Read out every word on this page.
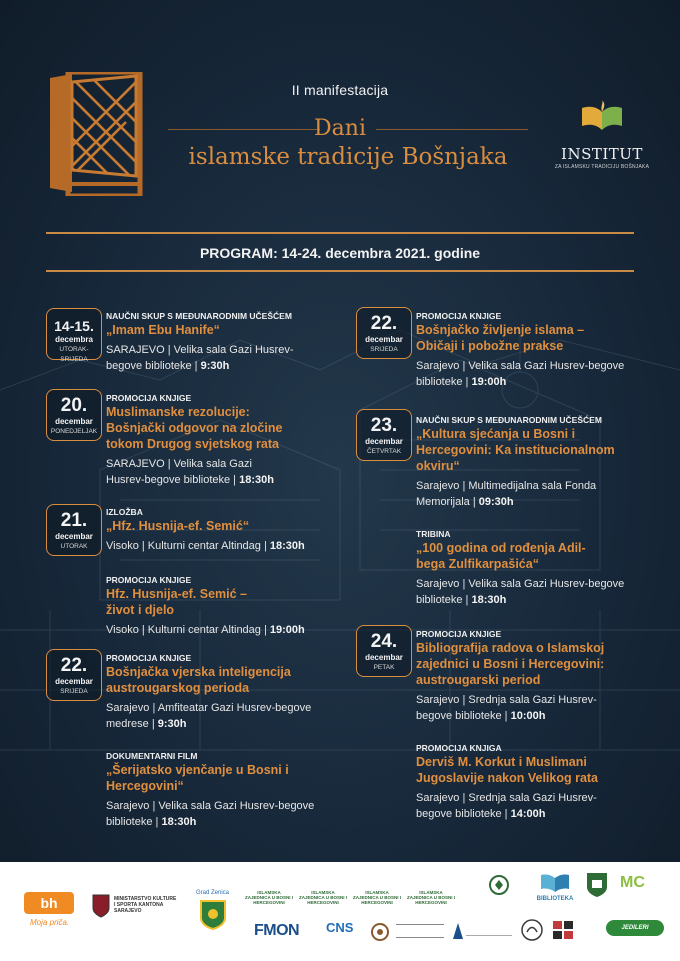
II manifestacija
Dani
islamske tradicije Bošnjaka	INSTITUT
ZA ISLAMSKU TRADICIJU BOŠNJAKA
PROGRAM: 14-24. decembra 2021. godine
14-15.
decembra
UTORAK-SRIJEDA
NAUČNI SKUP S MEĐUNARODNIM UČEŠĆEM
„Imam Ebu Hanife“
SARAJEVO | Velika sala Gazi Husrev-
begove biblioteke | 9:30h
20.
decembar
PONEDJELJAK
PROMOCIJA KNJIGE
Muslimanske rezolucije:
Bošnjački odgovor na zločine
tokom Drugog svjetskog rata
SARAJEVO | Velika sala Gazi
Husrev-begove biblioteke | 18:30h
21.
decembar
UTORAK
IZLOŽBA
„Hfz. Husnija-ef. Semić“
Visoko | Kulturni centar Altindag | 18:30h
PROMOCIJA KNJIGE
Hfz. Husnija-ef. Semić –
život i djelo
Visoko | Kulturni centar Altindag | 19:00h
22.
decembar
SRIJEDA
PROMOCIJA KNJIGE
Bošnjačka vjerska inteligencija
austrougarskog perioda
Sarajevo | Amfiteatar Gazi Husrev-begove
medrese | 9:30h
DOKUMENTARNI FILM
„Šerijatsko vjenčanje u Bosni i
Hercegovini“
Sarajevo | Velika sala Gazi Husrev-begove
biblioteke | 18:30h
22.
decembar
SRIJEDA
PROMOCIJA KNJIGE
Bošnjačko življenje islama –
Običaji i pobožne prakse
Sarajevo | Velika sala Gazi Husrev-begove
biblioteke | 19:00h
23.
decembar
ČETVRTAK
NAUČNI SKUP S MEĐUNARODNIM UČEŠĆEM
„Kultura sjećanja u Bosni i
Hercegovini: Ka institucionalnom
okviru“
Sarajevo | Multimedijalna sala Fonda
Memorijala | 09:30h
TRIBINA
„100 godina od rođenja Adil-
bega Zulfikarpašića“
Sarajevo | Velika sala Gazi Husrev-begove
biblioteke | 18:30h
24.
decembar
PETAK
PROMOCIJA KNJIGE
Bibliografija radova o Islamskoj
zajednici u Bosni i Hercegovini:
austrougarski period
Sarajevo | Srednja sala Gazi Husrev-
begove biblioteke | 10:00h
PROMOCIJA KNJIGA
Derviš M. Korkut i Muslimani
Jugoslavije nakon Velikog rata
Sarajevo | Srednja sala Gazi Husrev-
begove biblioteke | 14:00h
bh
Moja priča.
MINISTARSTVO KULTURE I SPORTA KANTONA SARAJEVO
Grad Zenica	ISLAMSKA ZAJEDNICA U BOSNI I HERCEGOVINI
ISLAMSKA ZAJEDNICA U BOSNI I HERCEGOVINI
ISLAMSKA ZAJEDNICA U BOSNI I HERCEGOVINI
ISLAMSKA ZAJEDNICA U BOSNI I HERCEGOVINI
BIBLIOTEKA
MC
FMON CNS	JEDILERI
